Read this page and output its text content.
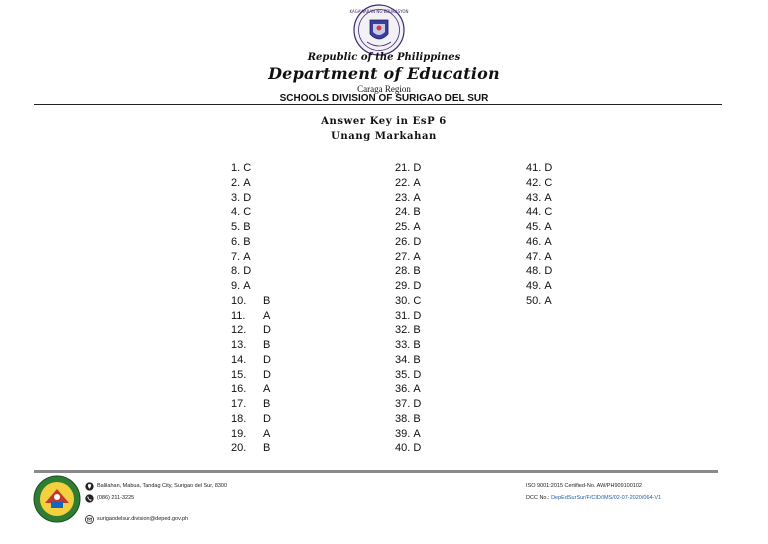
KAGAWARAN NG EDUKASYON
Republic of the Philippines
Department of Education
Caraga Region
SCHOOLS DIVISION OF SURIGAO DEL SUR
Answer Key in EsP 6
Unang Markahan
1. C
2. A
3. D
4. C
5. B
6. B
7. A
8. D
9. A
10. B
11. A
12. D
13. B
14. D
15. D
16. A
17. B
18. D
19. A
20. B
21. D
22. A
23. A
24. B
25. A
26. D
27. A
28. B
29. D
30. C
31. D
32. B
33. B
34. B
35. D
36. A
37. D
38. B
39. A
40. D
41. D
42. C
43. A
44. C
45. A
46. A
47. A
48. D
49. A
50. A
Balilahan, Mabua, Tandag City, Surigao del Sur, 8300
(086) 211-3225
surigaodelsur.division@deped.gov.ph
ISO 9001:2015 Certified-No. AW/PH909100102
DCC No.: DepEdSurSur/F/CID/IMS/02-07-2020/064-V1
